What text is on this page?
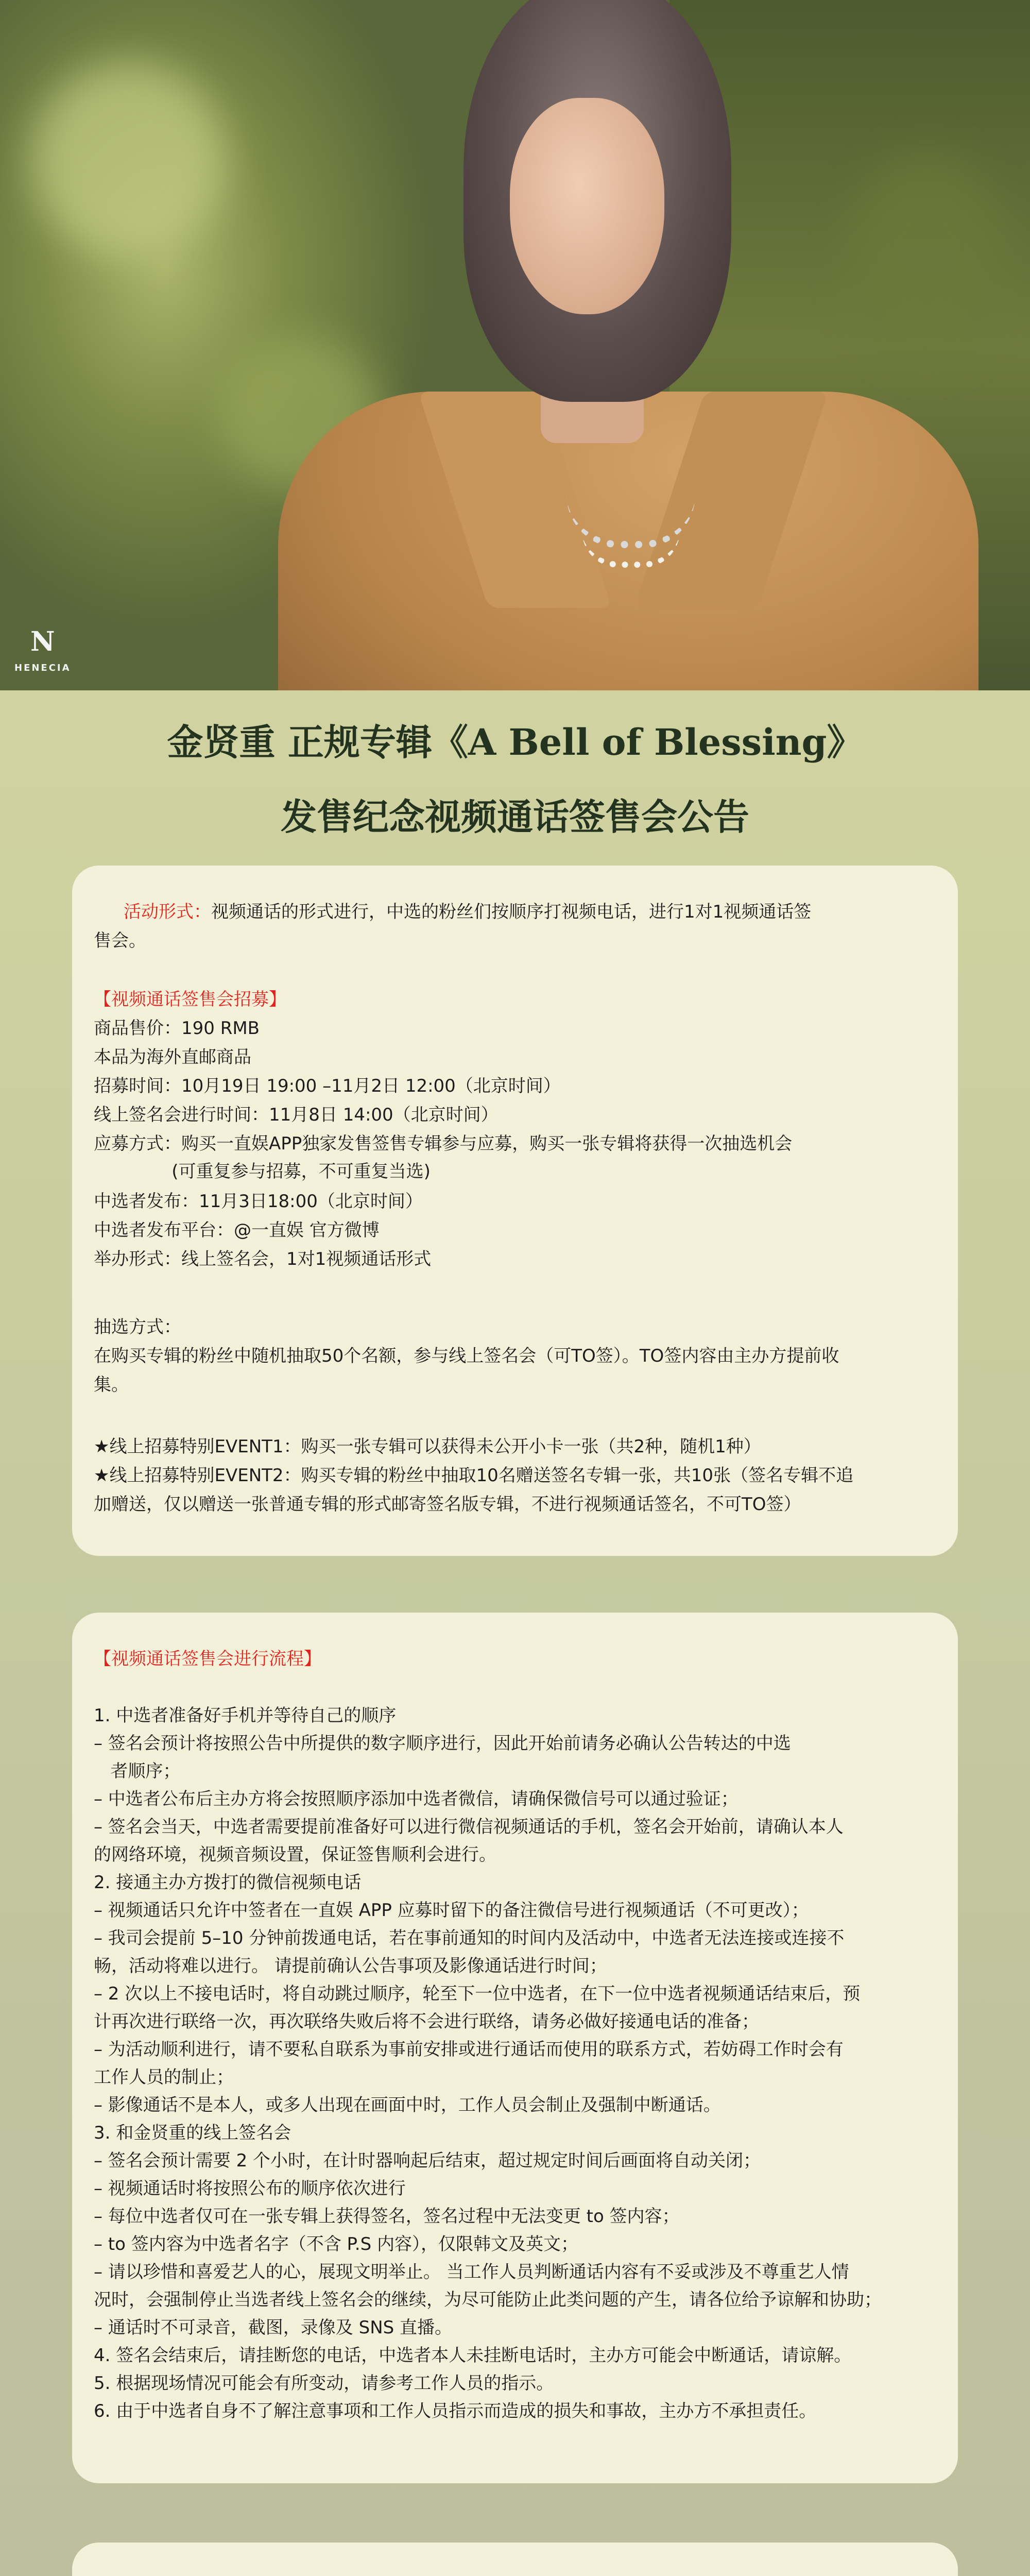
N
HENECIA
金贤重 正规专辑《A Bell of Blessing》
发售纪念视频通话签售会公告
活动形式：视频通话的形式进行，中选的粉丝们按顺序打视频电话，进行1对1视频通话签
售会。
【视频通话签售会招募】
商品售价：190 RMB
本品为海外直邮商品
招募时间：10月19日 19:00 –11月2日 12:00（北京时间）
线上签名会进行时间：11月8日 14:00（北京时间）
应募方式：购买一直娱APP独家发售签售专辑参与应募，购买一张专辑将获得一次抽选机会
(可重复参与招募，不可重复当选)
中选者发布：11月3日18:00（北京时间）
中选者发布平台：@一直娱 官方微博
举办形式：线上签名会，1对1视频通话形式
抽选方式：
在购买专辑的粉丝中随机抽取50个名额，参与线上签名会（可TO签）。TO签内容由主办方提前收
集。
★线上招募特别EVENT1：购买一张专辑可以获得未公开小卡一张（共2种，随机1种）
★线上招募特别EVENT2：购买专辑的粉丝中抽取10名赠送签名专辑一张，共10张（签名专辑不追
加赠送，仅以赠送一张普通专辑的形式邮寄签名版专辑，不进行视频通话签名，不可TO签）
【视频通话签售会进行流程】
1. 中选者准备好手机并等待自己的顺序
– 签名会预计将按照公告中所提供的数字顺序进行，因此开始前请务必确认公告转达的中选
者顺序；
– 中选者公布后主办方将会按照顺序添加中选者微信，请确保微信号可以通过验证；
– 签名会当天，中选者需要提前准备好可以进行微信视频通话的手机，签名会开始前，请确认本人
的网络环境，视频音频设置，保证签售顺利会进行。
2. 接通主办方拨打的微信视频电话
– 视频通话只允许中签者在一直娱 APP 应募时留下的备注微信号进行视频通话（不可更改）；
– 我司会提前 5–10 分钟前拨通电话，若在事前通知的时间内及活动中，中选者无法连接或连接不
畅，活动将难以进行。 请提前确认公告事项及影像通话进行时间；
– 2 次以上不接电话时，将自动跳过顺序，轮至下一位中选者，在下一位中选者视频通话结束后，预
计再次进行联络一次，再次联络失败后将不会进行联络，请务必做好接通电话的准备；
– 为活动顺利进行，请不要私自联系为事前安排或进行通话而使用的联系方式，若妨碍工作时会有
工作人员的制止；
– 影像通话不是本人，或多人出现在画面中时，工作人员会制止及强制中断通话。
3. 和金贤重的线上签名会
– 签名会预计需要 2 个小时，在计时器响起后结束，超过规定时间后画面将自动关闭；
– 视频通话时将按照公布的顺序依次进行
– 每位中选者仅可在一张专辑上获得签名，签名过程中无法变更 to 签内容；
– to 签内容为中选者名字（不含 P.S 内容），仅限韩文及英文；
– 请以珍惜和喜爱艺人的心，展现文明举止。 当工作人员判断通话内容有不妥或涉及不尊重艺人情
况时，会强制停止当选者线上签名会的继续，为尽可能防止此类问题的产生，请各位给予谅解和协助；
– 通话时不可录音，截图，录像及 SNS 直播。
4. 签名会结束后，请挂断您的电话，中选者本人未挂断电话时，主办方可能会中断通话，请谅解。
5. 根据现场情况可能会有所变动，请参考工作人员的指示。
6. 由于中选者自身不了解注意事项和工作人员指示而造成的损失和事故，主办方不承担责任。
